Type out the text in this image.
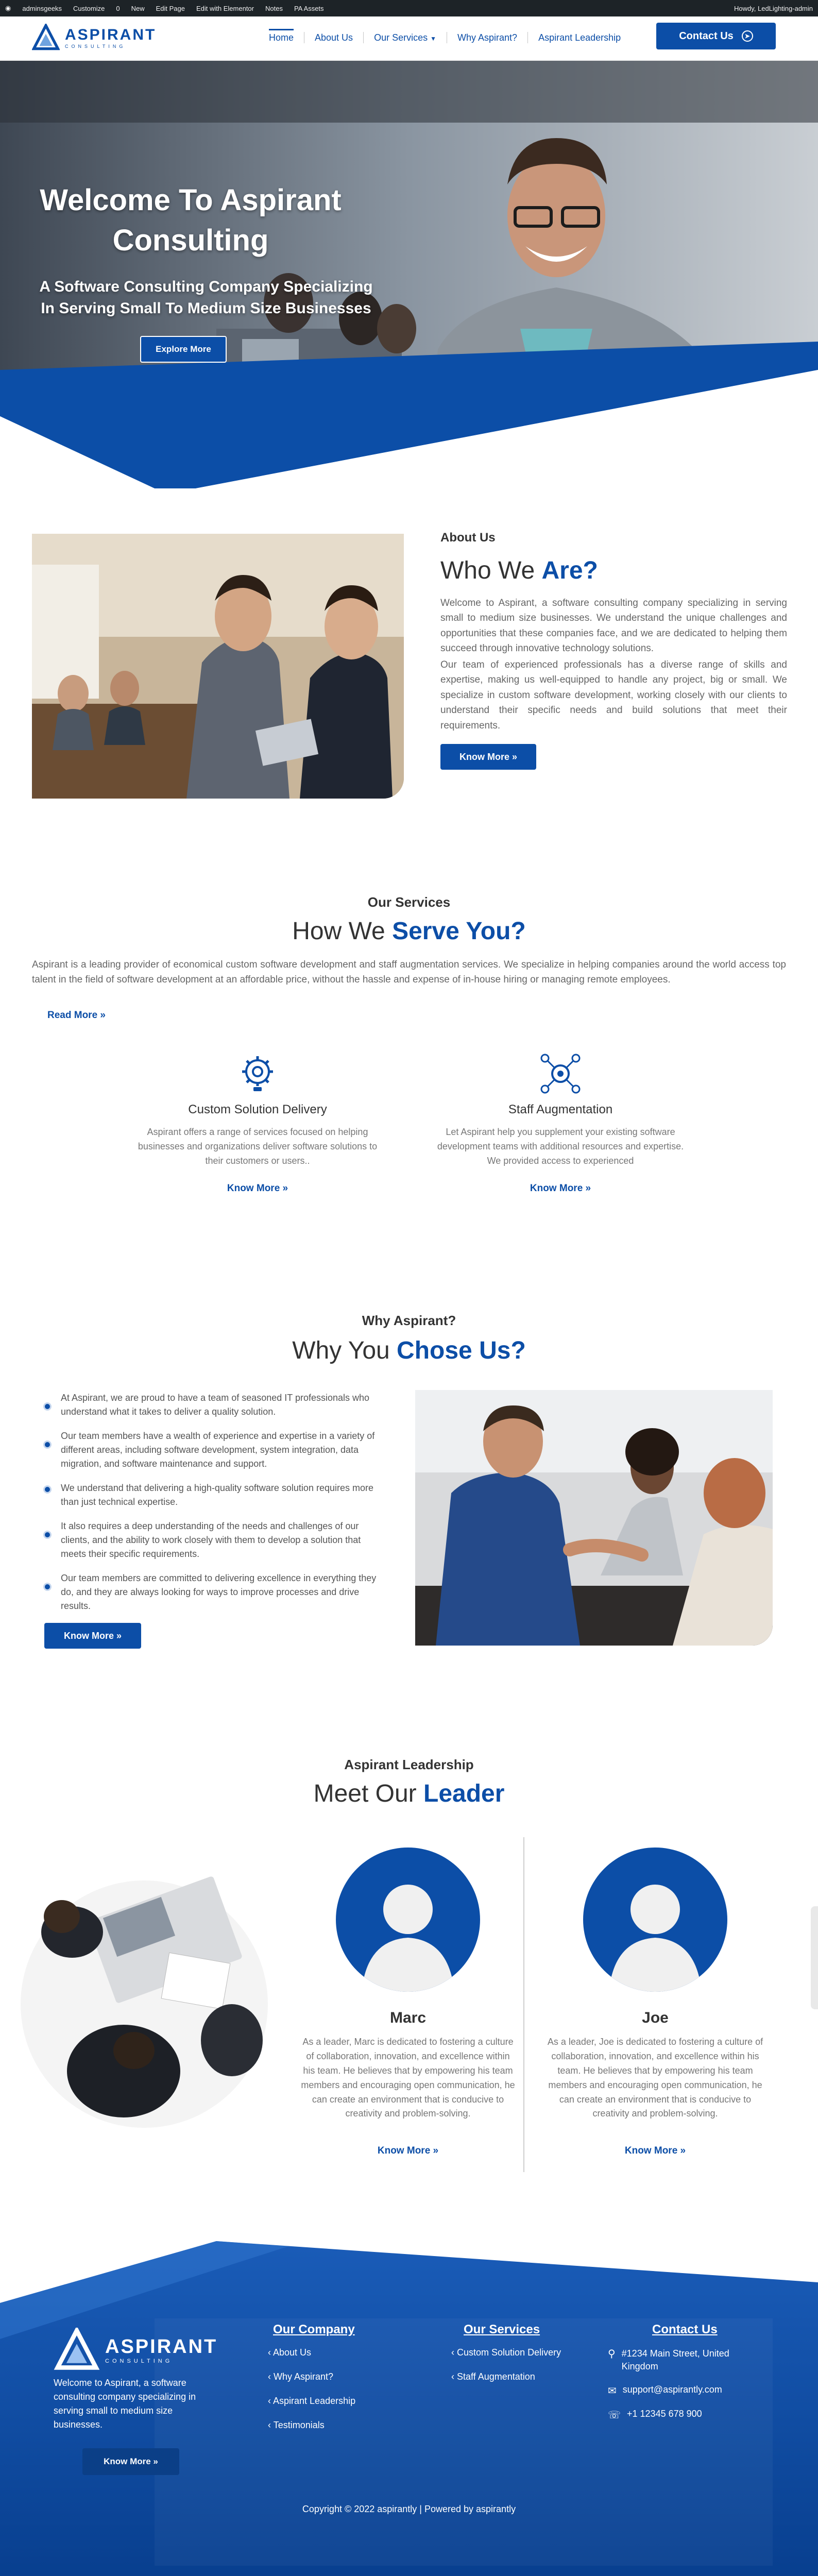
◉ adminsgeeks Customize 0 New Edit Page Edit with Elementor Notes PA Assets	Howdy, LedLighting-admin
ASPIRANT
CONSULTING
Home About Us Our Services ▼ Why Aspirant? Aspirant Leadership	Contact Us	➤
Welcome To Aspirant
Consulting
A Software Consulting Company Specializing
In Serving Small To Medium Size Businesses
Explore More
About Us
Who We Are?
Welcome to Aspirant, a software consulting company specializing in serving small to medium size businesses. We understand the unique challenges and opportunities that these companies face, and we are dedicated to helping them succeed through innovative technology solutions.
Our team of experienced professionals has a diverse range of skills and expertise, making us well-equipped to handle any project, big or small. We specialize in custom software development, working closely with our clients to understand their specific needs and build solutions that meet their requirements.
Know More »
Our Services
How We Serve You?
Aspirant is a leading provider of economical custom software development and staff augmentation services. We specialize in helping companies around the world access top talent in the field of software development at an affordable price, without the hassle and expense of in-house hiring or managing remote employees.
Read More »
Custom Solution Delivery
Aspirant offers a range of services focused on helping businesses and organizations deliver software solutions to their customers or users..
Know More »
Staff Augmentation
Let Aspirant help you supplement your existing software development teams with additional resources and expertise. We provided access to experienced
Know More »
Why Aspirant?
Why You Chose Us?
At Aspirant, we are proud to have a team of seasoned IT professionals who understand what it takes to deliver a quality solution.
Our team members have a wealth of experience and expertise in a variety of different areas, including software development, system integration, data migration, and software maintenance and support.
We understand that delivering a high-quality software solution requires more than just technical expertise.
It also requires a deep understanding of the needs and challenges of our clients, and the ability to work closely with them to develop a solution that meets their specific requirements.
Our team members are committed to delivering excellence in everything they do, and they are always looking for ways to improve processes and drive results.
Know More »
Aspirant Leadership
Meet Our Leader
Marc
As a leader, Marc is dedicated to fostering a culture of collaboration, innovation, and excellence within his team. He believes that by empowering his team members and encouraging open communication, he can create an environment that is conducive to creativity and problem-solving.
Know More »
Joe
As a leader, Joe is dedicated to fostering a culture of collaboration, innovation, and excellence within his team. He believes that by empowering his team members and encouraging open communication, he can create an environment that is conducive to creativity and problem-solving.
Know More »
ASPIRANT
CONSULTING
Welcome to Aspirant, a software consulting company specializing in serving small to medium size businesses.
Know More »
Our Company
‹ About Us
‹ Why Aspirant?
‹ Aspirant Leadership
‹ Testimonials
Our Services
‹ Custom Solution Delivery
‹ Staff Augmentation
Contact Us
⚲ #1234 Main Street, United Kingdom
✉ support@aspirantly.com
☏ +1 12345 678 900
Copyright © 2022 aspirantly | Powered by aspirantly
